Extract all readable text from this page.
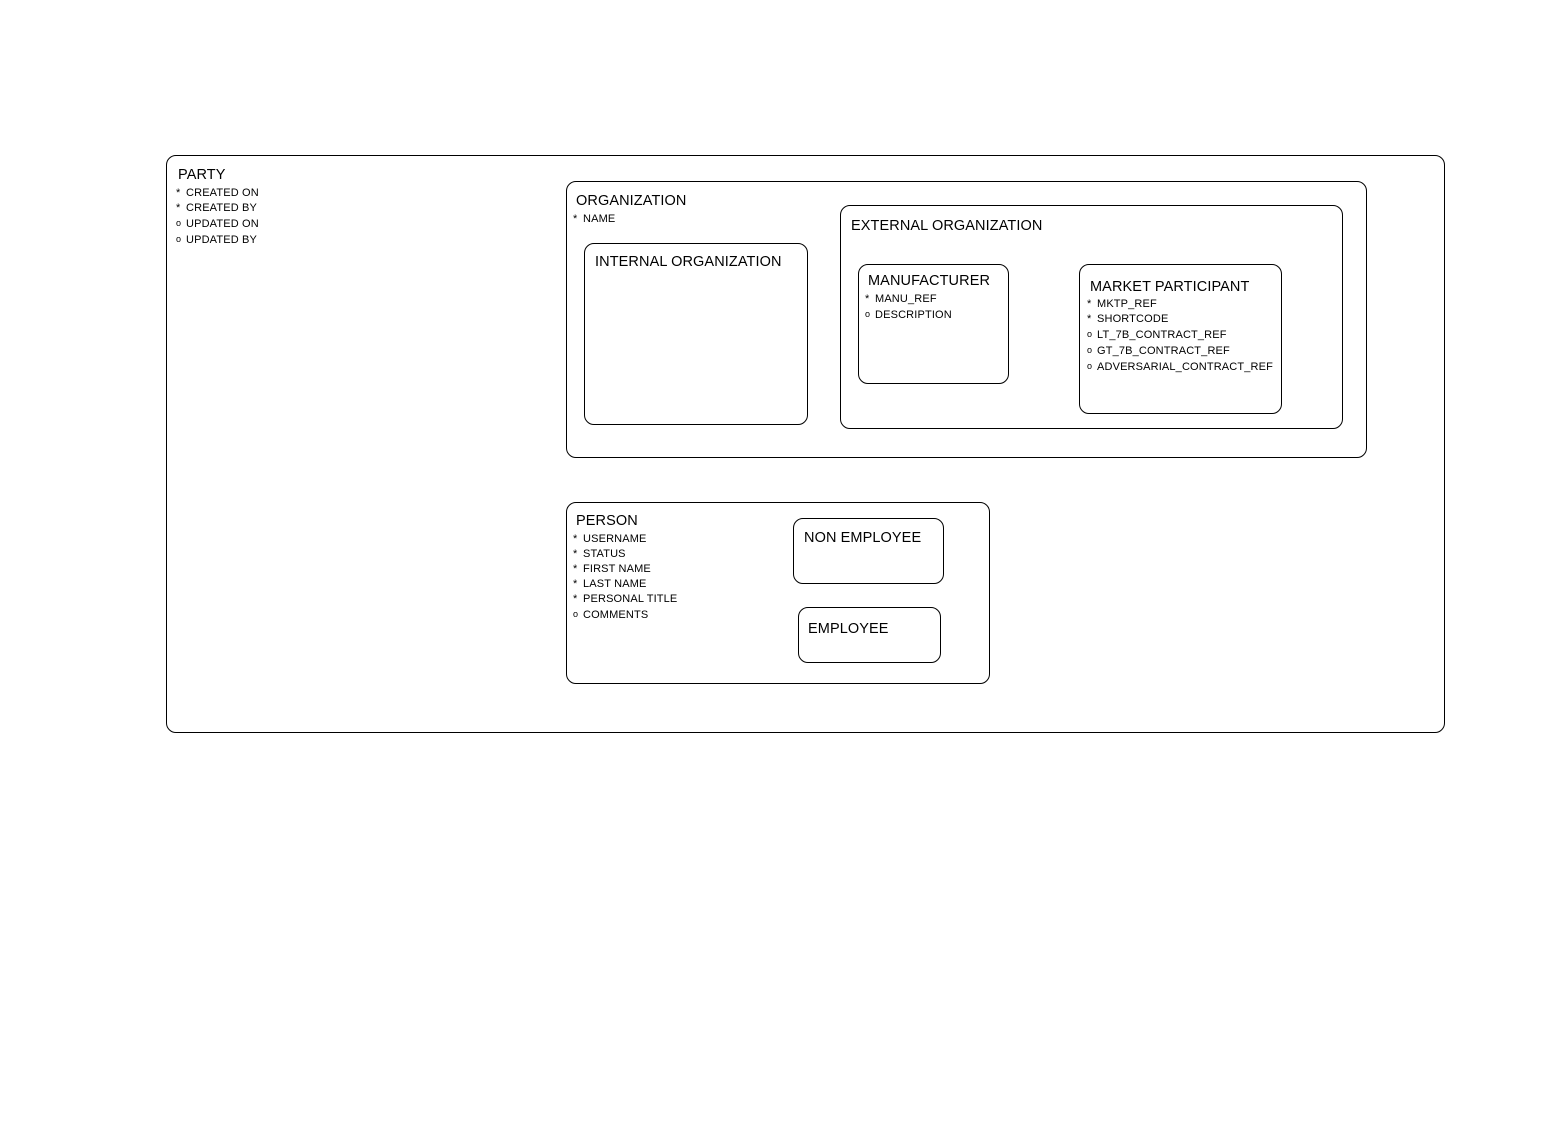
PARTY
* CREATED ON
* CREATED BY
o UPDATED ON
o UPDATED BY
ORGANIZATION
* NAME
INTERNAL ORGANIZATION
EXTERNAL ORGANIZATION
MANUFACTURER
* MANU_REF
o DESCRIPTION
MARKET PARTICIPANT
* MKTP_REF
* SHORTCODE
o LT_7B_CONTRACT_REF
o GT_7B_CONTRACT_REF
o ADVERSARIAL_CONTRACT_REF
PERSON
* USERNAME
* STATUS
* FIRST NAME
* LAST NAME
* PERSONAL TITLE
o COMMENTS
NON EMPLOYEE
EMPLOYEE
